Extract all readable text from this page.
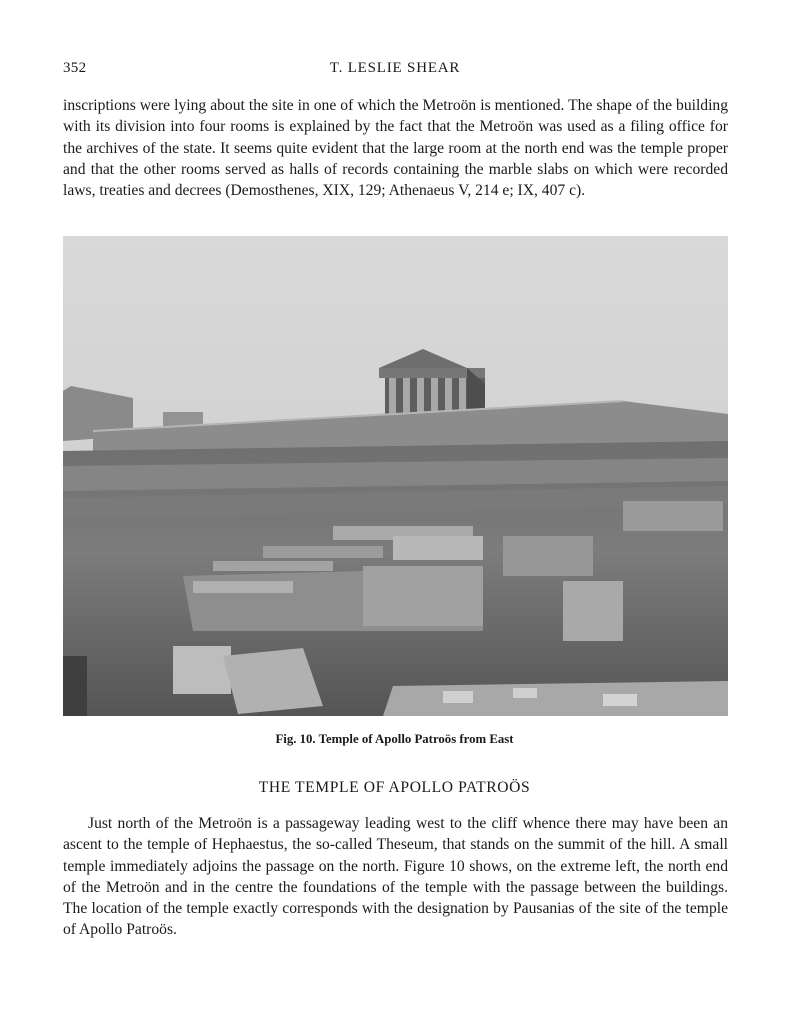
352	T. LESLIE SHEAR

inscriptions were lying about the site in one of which the Metroön is mentioned. The shape of the building with its division into four rooms is explained by the fact that the Metroön was used as a filing office for the archives of the state. It seems quite evident that the large room at the north end was the temple proper and that the other rooms served as halls of records containing the marble slabs on which were recorded laws, treaties and decrees (Demosthenes, XIX, 129; Athenaeus V, 214 e; IX, 407 c).

Fig. 10. Temple of Apollo Patroös from East
THE TEMPLE OF APOLLO PATROÖS

Just north of the Metroön is a passageway leading west to the cliff whence there may have been an ascent to the temple of Hephaestus, the so-called Theseum, that stands on the summit of the hill. A small temple immediately adjoins the passage on the north. Figure 10 shows, on the extreme left, the north end of the Metroön and in the centre the foundations of the temple with the passage between the buildings. The location of the temple exactly corresponds with the designation by Pausanias of the site of the temple of Apollo Patroös.
